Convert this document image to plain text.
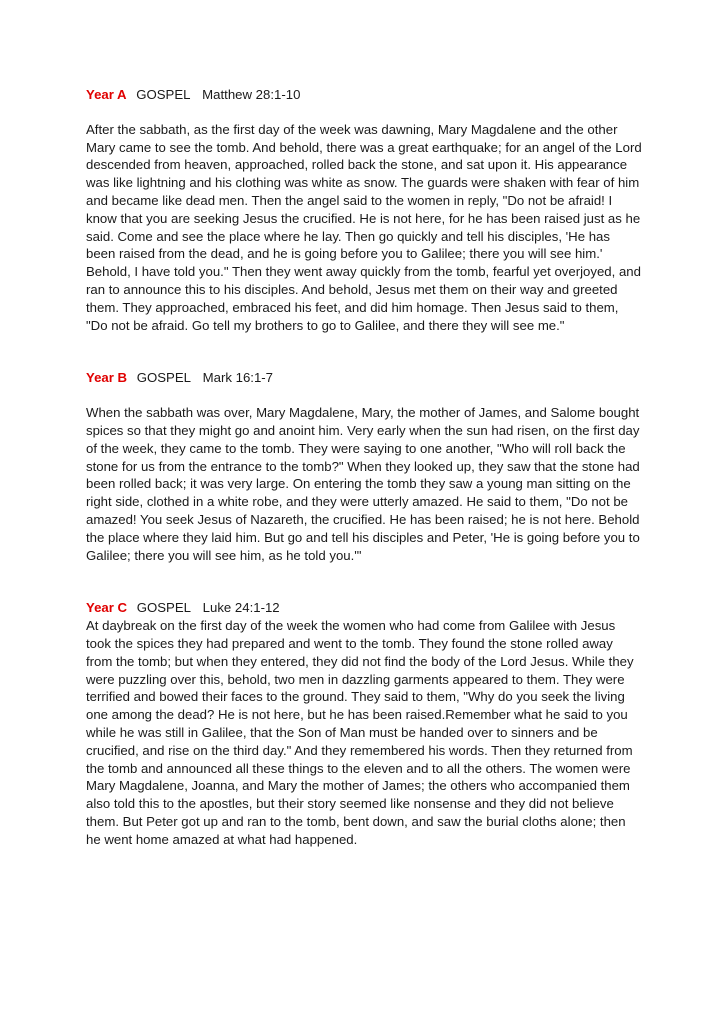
Year A GOSPEL Matthew 28:1-10

After the sabbath, as the first day of the week was dawning, Mary Magdalene and the other Mary came to see the tomb. And behold, there was a great earthquake; for an angel of the Lord descended from heaven, approached, rolled back the stone, and sat upon it. His appearance was like lightning and his clothing was white as snow. The guards were shaken with fear of him and became like dead men. Then the angel said to the women in reply, "Do not be afraid! I know that you are seeking Jesus the crucified. He is not here, for he has been raised just as he said. Come and see the place where he lay. Then go quickly and tell his disciples, 'He has been raised from the dead, and he is going before you to Galilee; there you will see him.' Behold, I have told you." Then they went away quickly from the tomb, fearful yet overjoyed, and ran to announce this to his disciples. And behold, Jesus met them on their way and greeted them. They approached, embraced his feet, and did him homage. Then Jesus said to them, "Do not be afraid. Go tell my brothers to go to Galilee, and there they will see me."

Year B GOSPEL Mark 16:1-7

When the sabbath was over, Mary Magdalene, Mary, the mother of James, and Salome bought spices so that they might go and anoint him. Very early when the sun had risen, on the first day of the week, they came to the tomb. They were saying to one another, "Who will roll back the stone for us from the entrance to the tomb?" When they looked up, they saw that the stone had been rolled back; it was very large. On entering the tomb they saw a young man sitting on the right side, clothed in a white robe, and they were utterly amazed. He said to them, "Do not be amazed! You seek Jesus of Nazareth, the crucified. He has been raised; he is not here. Behold the place where they laid him. But go and tell his disciples and Peter, 'He is going before you to Galilee; there you will see him, as he told you.'"

Year C GOSPEL Luke 24:1-12

At daybreak on the first day of the week the women who had come from Galilee with Jesus took the spices they had prepared and went to the tomb. They found the stone rolled away from the tomb; but when they entered, they did not find the body of the Lord Jesus. While they were puzzling over this, behold, two men in dazzling garments appeared to them. They were terrified and bowed their faces to the ground. They said to them, "Why do you seek the living one among the dead? He is not here, but he has been raised.Remember what he said to you while he was still in Galilee, that the Son of Man must be handed over to sinners and be crucified, and rise on the third day." And they remembered his words. Then they returned from the tomb and announced all these things to the eleven and to all the others. The women were Mary Magdalene, Joanna, and Mary the mother of James; the others who accompanied them also told this to the apostles, but their story seemed like nonsense and they did not believe them. But Peter got up and ran to the tomb, bent down, and saw the burial cloths alone; then he went home amazed at what had happened.
